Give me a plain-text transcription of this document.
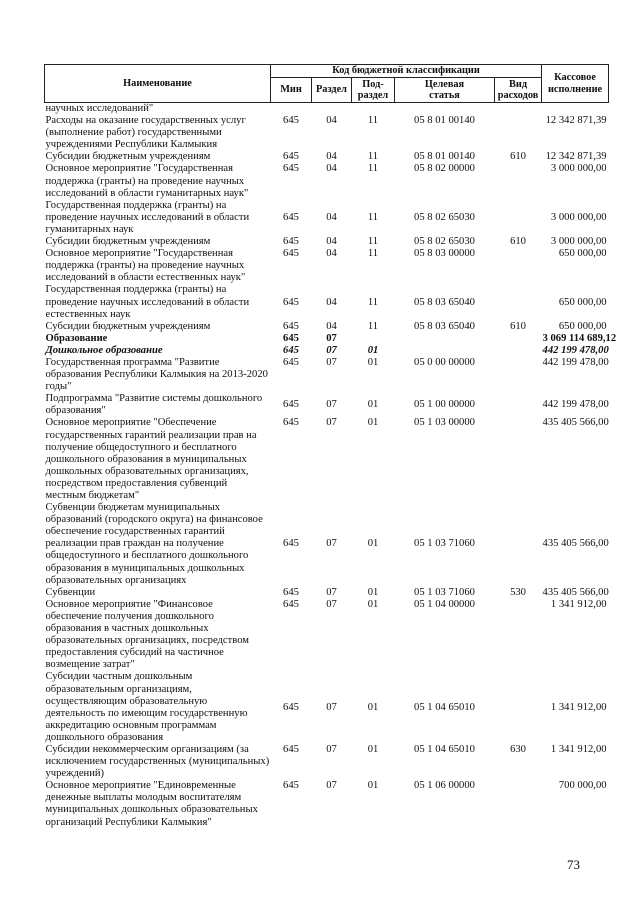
Наименование	Код бюджетной классификации					Кассовое
исполнение
	Мин	Раздел	Под-
раздел	Целевая
статья	Вид
расходов	
научных исследований"						
Расходы на оказание государственных услуг (выполнение работ) государственными учреждениями Республики Калмыкия	645	04	11	05 8 01 00140		12 342 871,39
Субсидии бюджетным учреждениям	645	04	11	05 8 01 00140	610	12 342 871,39
Основное мероприятие "Государственная поддержка (гранты) на проведение научных исследований в области гуманитарных наук"	645	04	11	05 8 02 00000		3 000 000,00
Государственная поддержка (гранты) на проведение научных исследований в области гуманитарных наук	645	04	11	05 8 02 65030		3 000 000,00
Субсидии бюджетным учреждениям	645	04	11	05 8 02 65030	610	3 000 000,00
Основное мероприятие "Государственная поддержка (гранты) на проведение научных исследований в области естественных наук"	645	04	11	05 8 03 00000		650 000,00
Государственная поддержка (гранты) на проведение научных исследований в области естественных наук	645	04	11	05 8 03 65040		650 000,00
Субсидии бюджетным учреждениям	645	04	11	05 8 03 65040	610	650 000,00
Образование	645	07				3 069 114 689,12
Дошкольное образование	645	07	01			442 199 478,00
Государственная программа "Развитие образования Республики Калмыкия на 2013-2020 годы"	645	07	01	05 0 00 00000		442 199 478,00
Подпрограмма "Развитие системы дошкольного образования"	645	07	01	05 1 00 00000		442 199 478,00
Основное мероприятие "Обеспечение государственных гарантий реализации прав на получение общедоступного и бесплатного дошкольного образования в муниципальных дошкольных образовательных организациях, посредством предоставления субвенций местным бюджетам"	645	07	01	05 1 03 00000		435 405 566,00
Субвенции бюджетам муниципальных образований (городского округа) на финансовое обеспечение государственных гарантий реализации прав граждан на получение общедоступного и бесплатного дошкольного образования в муниципальных дошкольных образовательных организациях	645	07	01	05 1 03 71060		435 405 566,00
Субвенции	645	07	01	05 1 03 71060	530	435 405 566,00
Основное мероприятие "Финансовое обеспечение получения дошкольного образования в частных дошкольных образовательных организациях, посредством предоставления субсидий на частичное возмещение затрат"	645	07	01	05 1 04 00000		1 341 912,00
Субсидии частным дошкольным образовательным организациям, осуществляющим образовательную деятельность по имеющим государственную аккредитацию основным программам дошкольного образования	645	07	01	05 1 04 65010		1 341 912,00
Субсидии некоммерческим организациям (за исключением государственных (муниципальных) учреждений)	645	07	01	05 1 04 65010	630	1 341 912,00
Основное мероприятие "Единовременные денежные выплаты молодым воспитателям муниципальных дошкольных образовательных организаций Республики Калмыкия"	645	07	01	05 1 06 00000		700 000,00
73
